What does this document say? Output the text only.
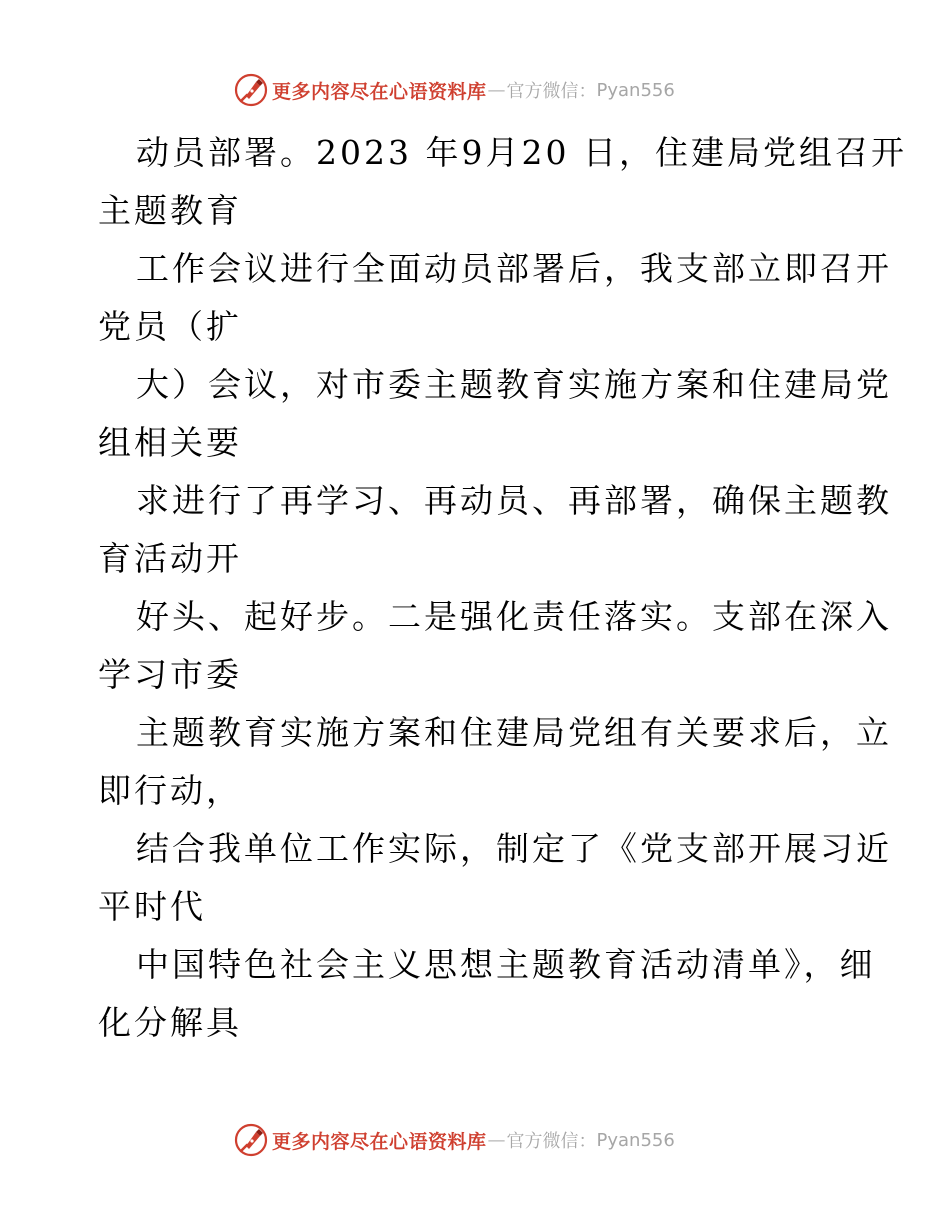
更多内容尽在心语资料库 — 官方微信： Pyan556
动员部署。2023 年9月20 日，住建局党组召开
主题教育
工作会议进行全面动员部署后，我支部立即召开
党员（扩
大）会议，对市委主题教育实施方案和住建局党
组相关要
求进行了再学习、再动员、再部署，确保主题教
育活动开
好头、起好步。二是强化责任落实。支部在深入
学习市委
主题教育实施方案和住建局党组有关要求后，立
即行动，
结合我单位工作实际，制定了《党支部开展习近
平时代
中国特色社会主义思想主题教育活动清单》，细
化分解具
更多内容尽在心语资料库 — 官方微信： Pyan556
